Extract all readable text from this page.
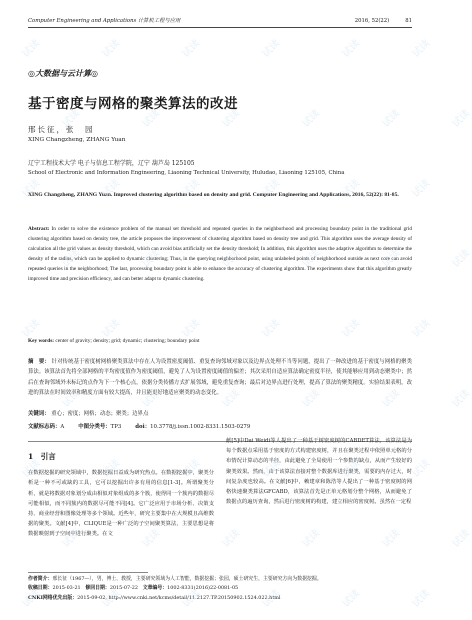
Computer Engineering and Applications 计算机工程与应用	2016, 52(22)	81
◎大数据与云计算◎
基于密度与网格的聚类算法的改进
邢长征，张　园
XING Changzheng, ZHANG Yuan
辽宁工程技术大学 电子与信息工程学院，辽宁 葫芦岛 125105
School of Electronic and Information Engineering, Liaoning Technical University, Huludao, Liaoning 125105, China
XING Changzheng, ZHANG Yuan. Improved clustering algorithm based on density and grid. Computer Engineering and Applications, 2016, 52(22): 81-85.
Abstract: In order to solve the existence problem of the manual set threshold and repeated queries in the neighborhood and processing boundary point in the traditional grid clustering algorithm based on density tree, the article proposes the improvement of clustering algorithm based on density tree and grid. This algorithm uses the average density of calculation all the grid values as density threshold, which can avoid bias artificially set the density threshold; In addition, this algorithm uses the adaptive algorithm to determine the density of the radius, which can be applied to dynamic clustering; Thus, in the querying neighborhood point, using unlabeled points of neighborhood outside as next core can avoid repeated queries in the neighborhood; The last, processing boundary point is able to enhance the accuracy of clustering algorithm. The experiments show that this algorithm greatly improved time and precision efficiency, and can better adapt to dynamic clustering.
Key words: center of gravity; density; grid; dynamic; clustering; boundary point
摘　要： 针对传统基于密度树网格聚类算法中存在人为设置密度阈值、重复查询邻域对象以及边界点处理不当等问题，提出了一种改进的基于密度与网格的聚类算法。该算法首先将全部网格的平均密度值作为密度阈值，避免了人为设置密度阈值的偏差；其次采用自适应算法确定密度半径，使其能够应用到动态聚类中；然后在查询邻域外未标记的点作为下一个核心点，依据分类传播方式扩展邻域，避免重复查询；最后对边界点进行处理，提高了算法的聚类精度。实验结果表明，改进的算法在时间效率和精度方面有较大提高，并且能更好地适应聚类的动态变化。
关键词： 重心；密度；网格；动态；聚类；边界点
文献标志码：A	中图分类号：TP3	doi：10.3778/j.issn.1002-8331.1503-0279
1　引言
在数据挖掘的研究领域中，数据挖掘日益成为研究热点。在数据挖掘中，聚类分析是一种不可或缺的工具，它可以挖掘出许多有用的信息[1-3]。所谓聚类分析，就是将数据对象划分成由相似对象组成的多个簇，使得同一个簇内的数据尽可能相似，而不同簇内的数据尽可能不同[4]。它广泛应用于市场分析、决策支持、商业经营和图像处理等多个领域。近些年，研究主要集中在大规模且高维数据的聚类。文献[4]中，CLIQUE是一种广泛的子空间聚类算法，主要思想是将数据映射到子空间中进行聚类。在文
献[5]中Dai Weidi等人提出了一种基于树密度树的CABDET算法，该算法是为每个数据点采用基于密度的方式构建密度树，并且在聚类过程中依照单元格的分布情况计算动态的半径，由此避免了全局使用一个参数的缺点，从而产生较好的聚类效果。然而，由于该算法直接对整个数据库进行聚类，需要的内存过大，时间复杂度也较高。在文献[6]中，赖建章和陈浩等人提出了一种基于密度树的网格快速聚类算法GFCABD，该算法首先是正单元格划分整个网格，从而避免了数据点的遍历查询，然后进行密度树的构建，建立相应的密度树。虽然在一定程
作者简介：邢长征（1967—），男，博士，教授，主要研究领域为人工智能，数据挖掘；张园，硕士研究生，主要研究方向为数据挖掘。
收稿日期：2015-03-21 修回日期：2015-07-22 文章编号：1002-8331(2016)22-0081-05
CNKI网络优先出版：2015-09-02, http://www.cnki.net/kcms/detail/11.2127.TP.20150902.1524.022.html
试读	试读	试读	试读	试读	试读
试读	试读	试读	试读	试读	试读
试读	试读	试读	试读	试读	试读
试读	试读	试读	试读	试读	试读
试读	试读	试读	试读	试读	试读
试读	试读	试读	试读	试读	试读
试读	试读	试读	试读	试读	试读
试读	试读	试读	试读	试读	试读
试读	试读	试读	试读	试读	试读
